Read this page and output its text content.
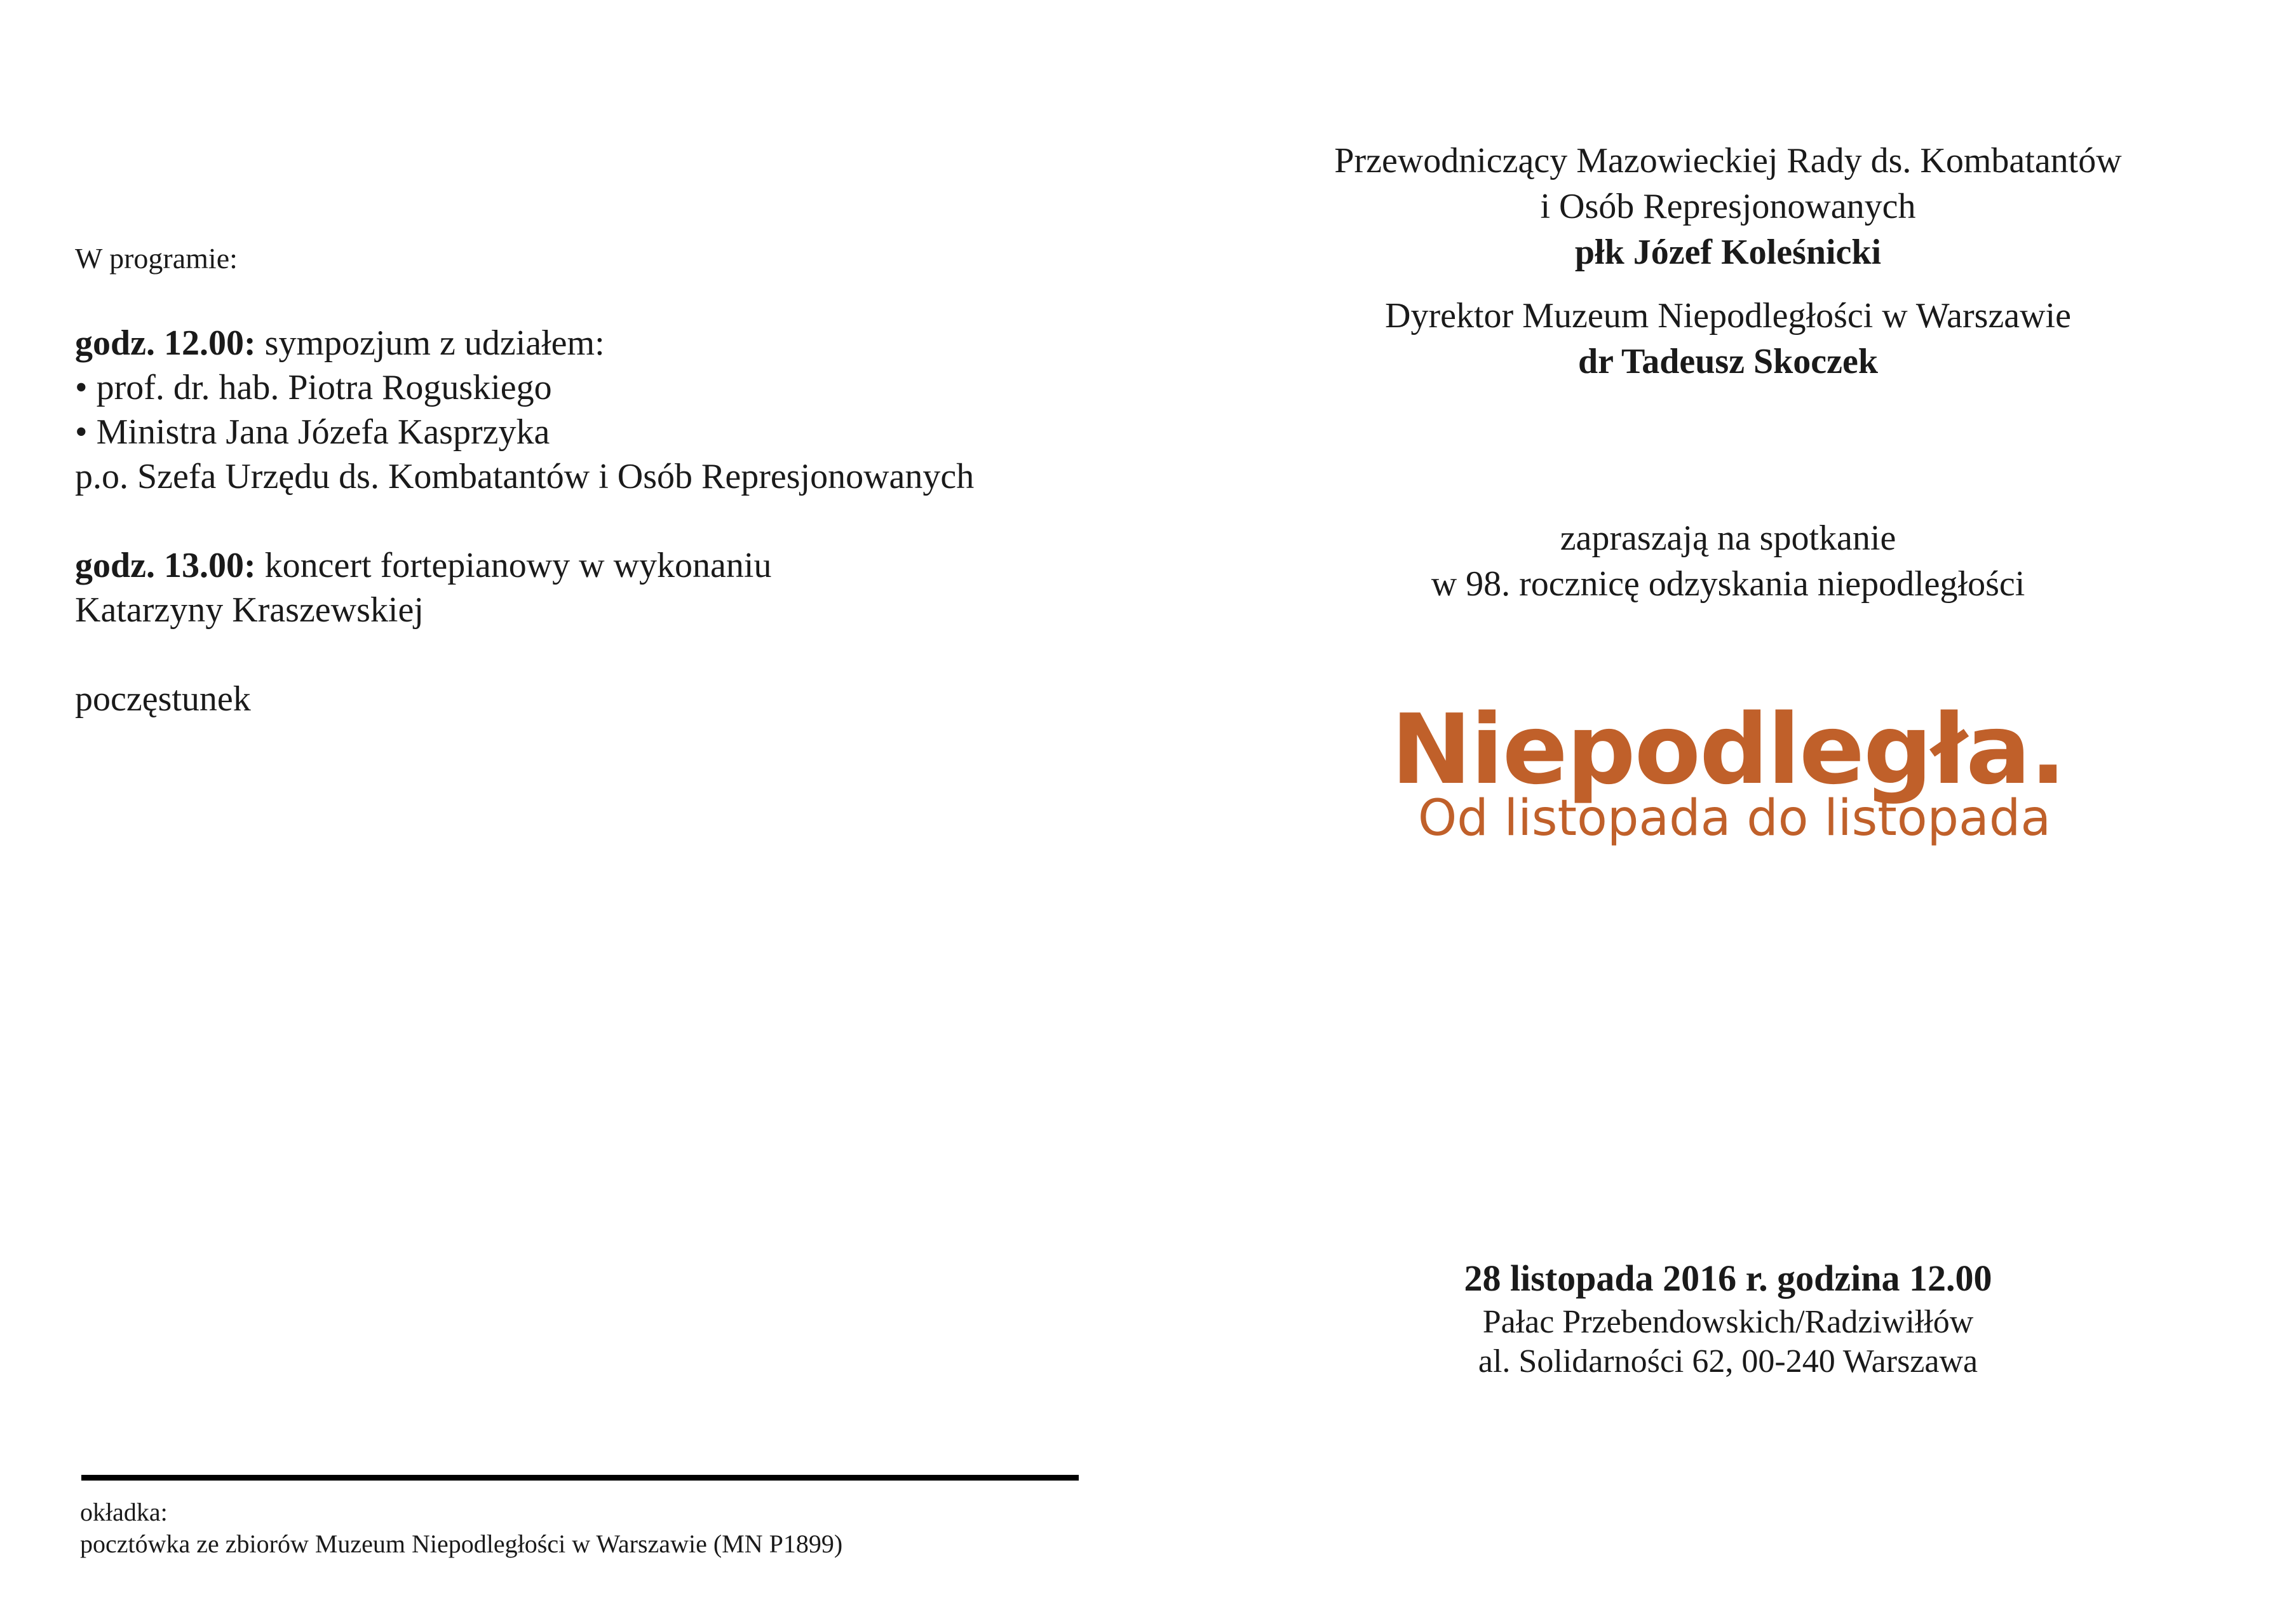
W programie:
godz. 12.00: sympozjum z udziałem:
• prof. dr. hab. Piotra Roguskiego
• Ministra Jana Józefa Kasprzyka
p.o. Szefa Urzędu ds. Kombatantów i Osób Represjonowanych
godz. 13.00: koncert fortepianowy w wykonaniu
Katarzyny Kraszewskiej
poczęstunek
okładka:
pocztówka ze zbiorów Muzeum Niepodległości w Warszawie (MN P1899)
Przewodniczący Mazowieckiej Rady ds. Kombatantów
i Osób Represjonowanych
płk Józef Koleśnicki
Dyrektor Muzeum Niepodległości w Warszawie
dr Tadeusz Skoczek
zapraszają na spotkanie
w 98. rocznicę odzyskania niepodległości
Niepodległa.
Od listopada do listopada
28 listopada 2016 r. godzina 12.00
Pałac Przebendowskich/Radziwiłłów
al. Solidarności 62, 00-240 Warszawa
